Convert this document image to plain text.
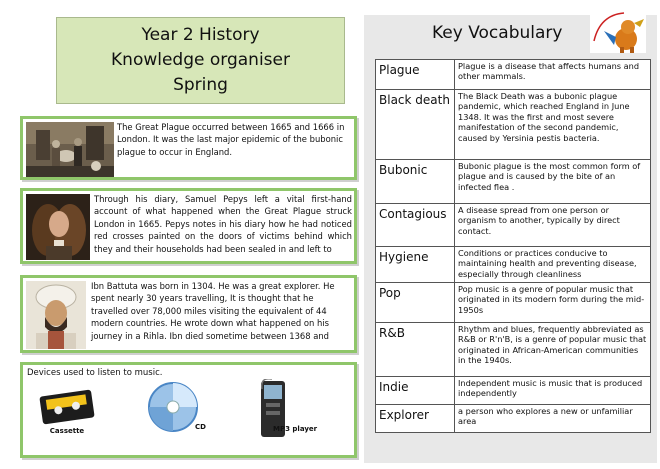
Year 2 History
Knowledge organiser
Spring
The Great Plague occurred between 1665 and 1666 in London. It was the last major epidemic of the bubonic plague to occur in England.
Through his diary, Samuel Pepys left a vital first-hand account of what happened when the Great Plague struck London in 1665. Pepys notes in his diary how he had noticed red crosses painted on the doors of victims behind which they and their households had been sealed in and left to
Ibn Battuta was born in 1304. He was a great explorer. He spent nearly 30 years travelling, It is thought that he travelled over 78,000 miles visiting the equivalent of 44 modern countries. He wrote down what happened on his journey in a Rihla. Ibn died sometime between 1368 and
Devices used to listen to music.
Cassette	CD	MP3 player
Key Vocabulary
Plague	Plague is a disease that affects humans and other mammals.
Black death	The Black Death was a bubonic plague pandemic, which reached England in June 1348. It was the first and most severe manifestation of the second pandemic, caused by Yersinia pestis bacteria.
Bubonic	Bubonic plague is the most common form of plague and is caused by the bite of an infected flea .
Contagious	A disease spread from one person or organism to another, typically by direct contact.
Hygiene	Conditions or practices conducive to maintaining health and preventing disease, especially through cleanliness
Pop	Pop music is a genre of popular music that originated in its modern form during the mid-1950s
R&B	Rhythm and blues, frequently abbreviated as R&B or R'n'B, is a genre of popular music that originated in African-American communities in the 1940s.
Indie	Independent music is music that is produced independently
Explorer	a person who explores a new or unfamiliar area
